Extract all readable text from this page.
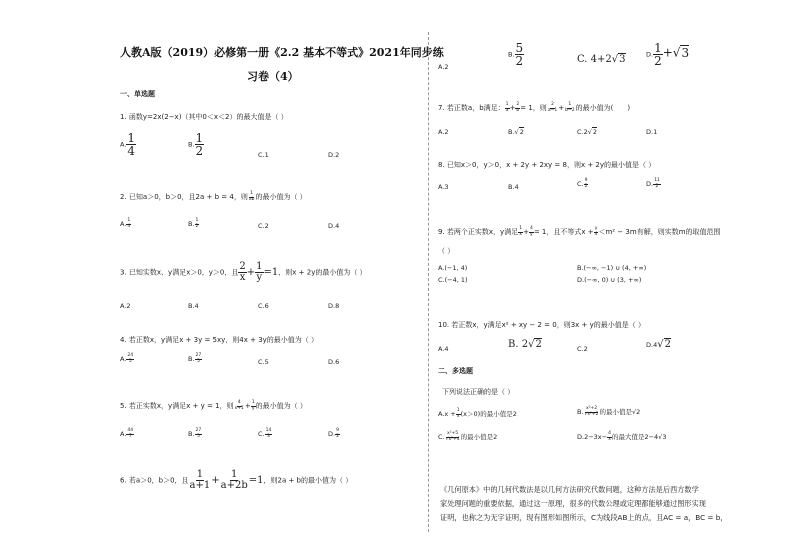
人教A版（2019）必修第一册《2.2 基本不等式》2021年同步练
习卷（4）
一、单选题
1. 函数y=2x(2−x)（其中0＜x＜2）的最大值是（ ）
A. $\frac{1}{4}$	B. $\frac{1}{2}$	C.1	D.2
2. 已知a＞0，b＞0，且2a + b = 4，则 $\frac{1}{ab}$ 的最小值为（ ）
A. $\frac{1}{4}$	B. $\frac{1}{2}$	C.2	D.4
3. 已知实数x、y满足x＞0，y＞0，且 $\frac{2}{x} + \frac{1}{y} =1$，则x + 2y的最小值为（ ）
A.2	B.4	C.6	D.8
4. 若正数x，y满足x + 3y = 5xy，则4x + 3y的最小值为（ ）
A. $\frac{24}{5}$	B. $\frac{27}{5}$	C.5	D.6
5. 若正实数x，y满足x + y = 1，则 $\frac{4}{x+1} + \frac{1}{y}$ 的最小值为（ ）
A. $\frac{44}{7}$	B. $\frac{27}{5}$	C. $\frac{14}{3}$	D. $\frac{9}{2}$
6. 若a＞0，b＞0，且 $\frac{1}{a+1} + \frac{1}{a+2b} =1$，则2a + b的最小值为（ ）
A.2
B. $\frac{5}{2}$	C. 4+2√3	D. $\frac{1}{2} +√3$
7. 若正数a，b满足： $\frac{1}{a} + \frac{2}{b} = 1$，则 $\frac{2}{a-1} + \frac{1}{b-2}$ 的最小值为(　　)
A.2	B.√2	C.2√2	D.1
8. 已知x＞0，y＞0，x + 2y + 2xy = 8，则x + 2y的最小值是（ ）
A.3	B.4	C. $\frac{9}{2}$	D. $\frac{11}{2}$
9. 若两个正实数x，y满足 $\frac{1}{x} + \frac{4}{y} = 1$，且不等式$x + \frac{y}{4} <m^2 - 3m$有解，则实数m的取值范围
（ ）
A.(−1, 4)	B.(−∞, −1) ∪ (4, +∞)
C.(−4, 1)	D.(−∞, 0) ∪ (3, +∞)
10. 若正数x，y满足x² + xy − 2 = 0，则3x + y的最小值是（ ）
A.4	B. 2√2	C.2	D.4√2
二、多选题
下列说法正确的是（ ）
$A.x + \frac{1}{x} (x>0)$的最小值是2	B. $\frac{\text{x²+2}}{\text{√x²+2}}$ 的最小值是√2
C. $\frac{\text{x²+5}}{\text{√x²+4}}$ 的最小值是2	$D.2-3x- \frac{4}{x}$ 的最大值是2−4√3
《几何原本》中的几何代数法是以几何方法研究代数问题，这种方法是后西方数学
家处理问题的重要依据，通过这一原理，很多的代数公理或定理都能够通过图形实现
证明，也称之为无字证明，现有图形如图所示，C为线段AB上的点，且AC = a，BC = b，
